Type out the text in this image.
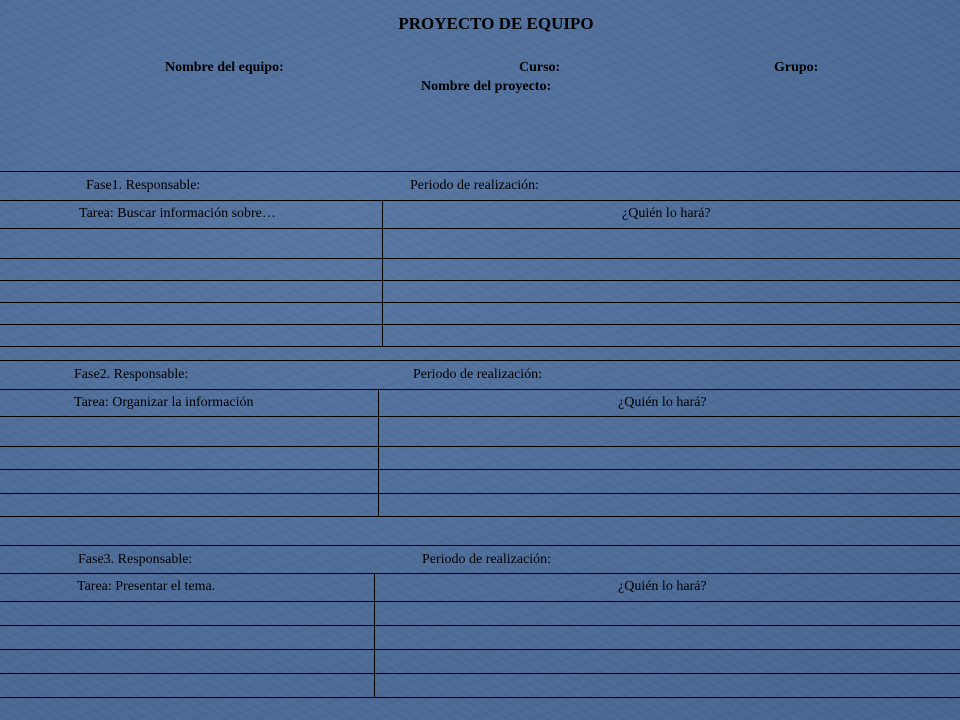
PROYECTO DE EQUIPO
Nombre del equipo:	Curso:	Grupo:
Nombre del proyecto:
Fase1. Responsable:	Periodo de realización:
Tarea: Buscar información sobre…	¿Quién lo hará?
Fase2. Responsable:	Periodo de realización:
Tarea: Organizar la información	¿Quién lo hará?
Fase3. Responsable:	Periodo de realización:
Tarea: Presentar el tema.	¿Quién lo hará?
